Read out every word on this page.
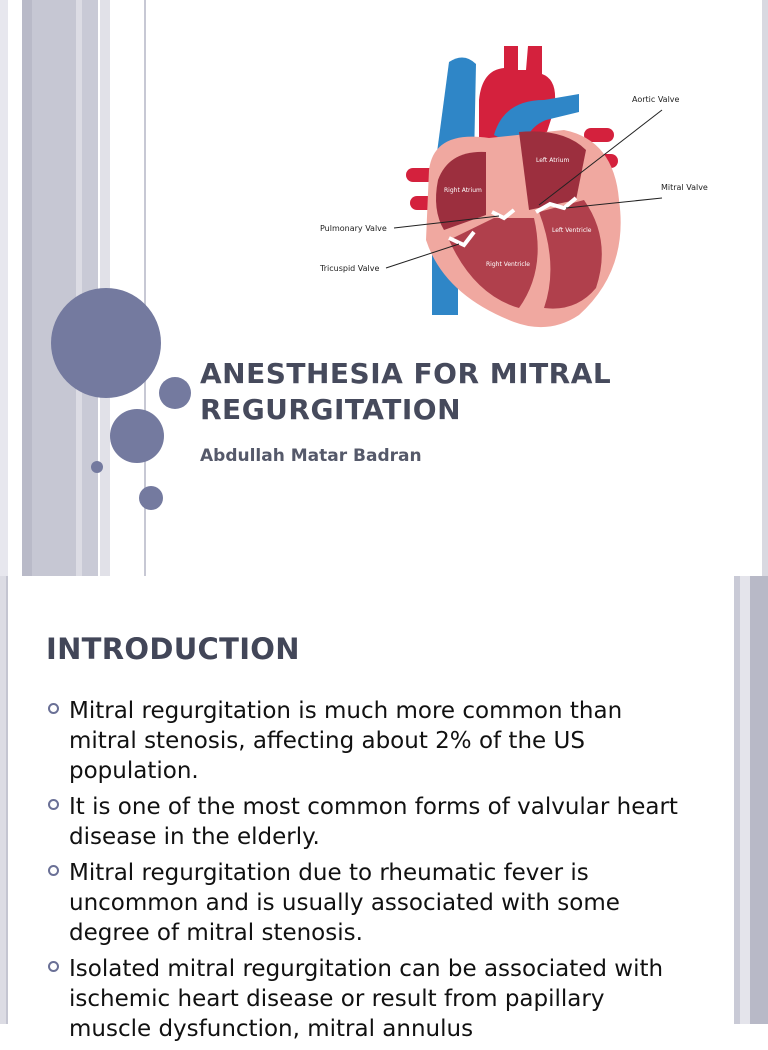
Right Atrium
Left Atrium
Right Ventricle
Left Ventricle
Aortic Valve
Mitral Valve
Pulmonary Valve
Tricuspid Valve
ANESTHESIA FOR MITRAL
REGURGITATION
Abdullah Matar Badran
INTRODUCTION
Mitral regurgitation is much more common than mitral stenosis, affecting about 2% of the US population.
It is one of the most common forms of valvular heart disease in the elderly.
Mitral regurgitation due to rheumatic fever is uncommon and is usually associated with some degree of mitral stenosis.
Isolated mitral regurgitation can be associated with ischemic heart disease or result from papillary muscle dysfunction, mitral annulus
